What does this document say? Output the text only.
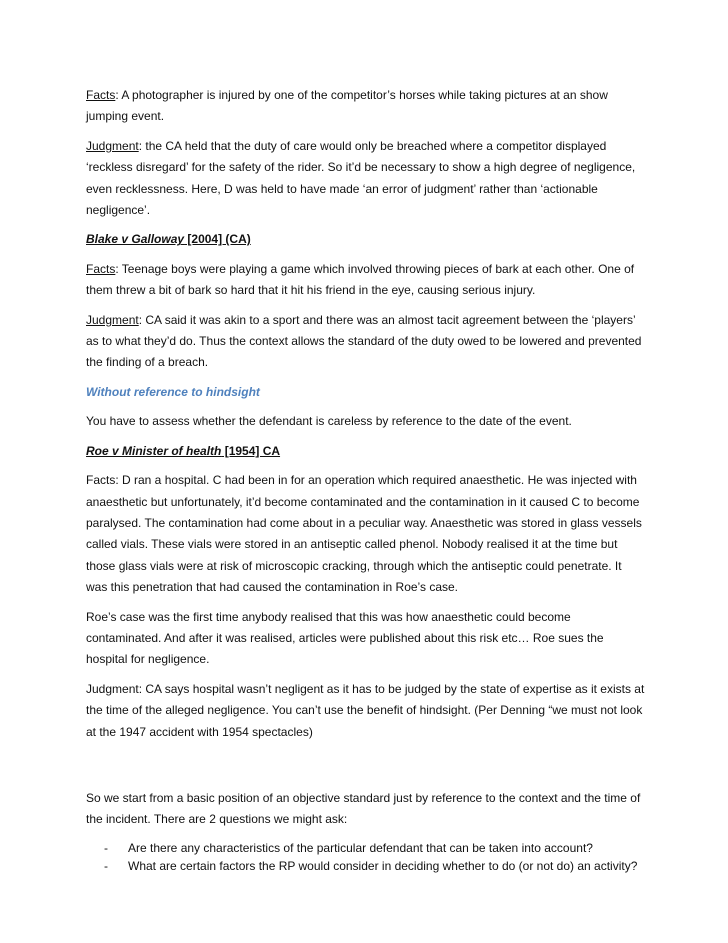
Facts: A photographer is injured by one of the competitor’s horses while taking pictures at an show jumping event.

Judgment: the CA held that the duty of care would only be breached where a competitor displayed ‘reckless disregard’ for the safety of the rider. So it’d be necessary to show a high degree of negligence, even recklessness. Here, D was held to have made ‘an error of judgment’ rather than ‘actionable negligence’.

Blake v Galloway [2004] (CA)

Facts: Teenage boys were playing a game which involved throwing pieces of bark at each other. One of them threw a bit of bark so hard that it hit his friend in the eye, causing serious injury.

Judgment: CA said it was akin to a sport and there was an almost tacit agreement between the ‘players’ as to what they’d do. Thus the context allows the standard of the duty owed to be lowered and prevented the finding of a breach.

Without reference to hindsight

You have to assess whether the defendant is careless by reference to the date of the event.

Roe v Minister of health [1954] CA

Facts: D ran a hospital. C had been in for an operation which required anaesthetic. He was injected with anaesthetic but unfortunately, it’d become contaminated and the contamination in it caused C to become paralysed. The contamination had come about in a peculiar way. Anaesthetic was stored in glass vessels called vials. These vials were stored in an antiseptic called phenol. Nobody realised it at the time but those glass vials were at risk of microscopic cracking, through which the antiseptic could penetrate. It was this penetration that had caused the contamination in Roe’s case.

Roe’s case was the first time anybody realised that this was how anaesthetic could become contaminated. And after it was realised, articles were published about this risk etc… Roe sues the hospital for negligence.

Judgment: CA says hospital wasn’t negligent as it has to be judged by the state of expertise as it exists at the time of the alleged negligence. You can’t use the benefit of hindsight. (Per Denning “we must not look at the 1947 accident with 1954 spectacles)

So we start from a basic position of an objective standard just by reference to the context and the time of the incident. There are 2 questions we might ask:

- Are there any characteristics of the particular defendant that can be taken into account?
- What are certain factors the RP would consider in deciding whether to do (or not do) an activity?
